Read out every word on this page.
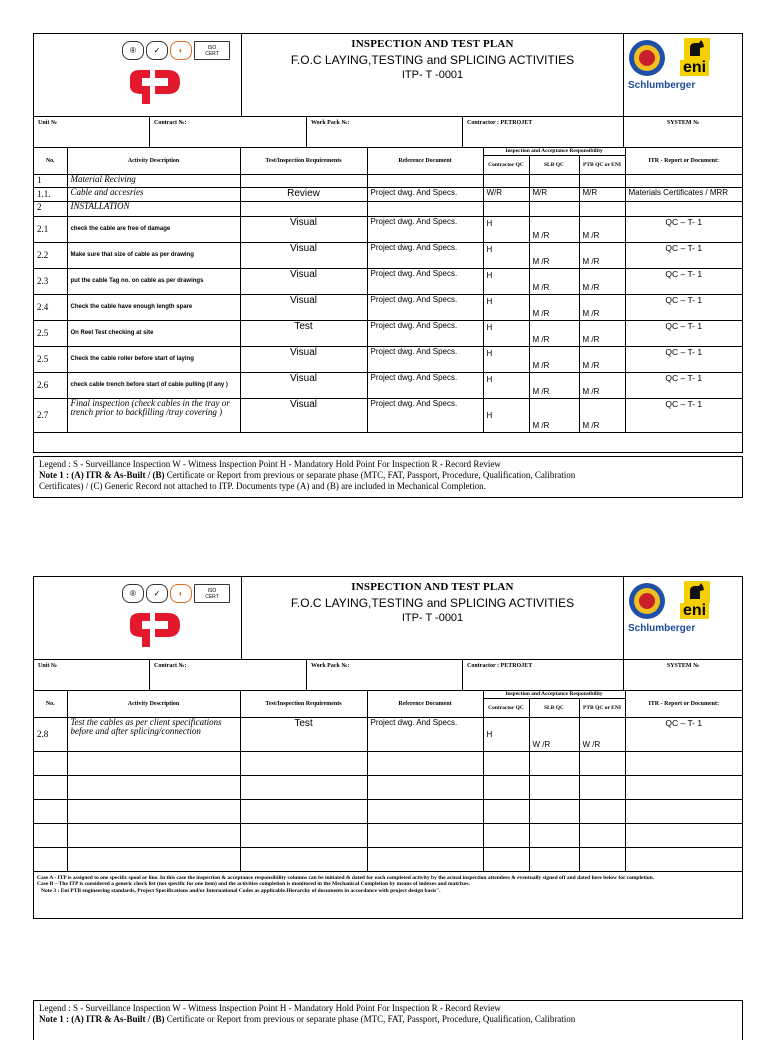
®	✓	◐	ISO
CERT
INSPECTION AND TEST PLAN
F.O.C LAYING,TESTING and SPLICING ACTIVITIES
ITP- T -0001	eni
Schlumberger
Unit №	Contract №:	Work Pack №:	Contractor : PETROJET	SYSTEM №
No.	Activity Description	Test/Inspection Requirements	Reference Document	Inspection and Acceptance Responsibility			ITR - Report or Document:
				Contractor QC	SLB QC	PTB QC or ENI	
1	Material Reciving						
1.1.	Cable and accesries	Review	Project dwg. And Specs.	W/R	M/R	M/R	Materials Certificates / MRR
2	INSTALLATION						
2.1	check the cable are free of damage	Visual	Project dwg. And Specs.	H	M /R	M /R	QC – T- 1
2.2	Make sure that size of cable as per drawing	Visual	Project dwg. And Specs.	H	M /R	M /R	QC – T- 1
2.3	put the cable Tag no. on cable as per drawings	Visual	Project dwg. And Specs.	H	M /R	M /R	QC – T- 1
2.4	Check the cable have enough length spare	Visual	Project dwg. And Specs.	H	M /R	M /R	QC – T- 1
2.5	On Reel Test checking at site	Test	Project dwg. And Specs.	H	M /R	M /R	QC – T- 1
2.5	Check the cable roller before start of laying	Visual	Project dwg. And Specs.	H	M /R	M /R	QC – T- 1
2.6	check cable trench before start of cable pulling (if any )	Visual	Project dwg. And Specs.	H	M /R	M /R	QC – T- 1
2.7	Final inspection (check cables in the tray or trench prior to backfilling /tray covering )	Visual	Project dwg. And Specs.	H	M /R	M /R	QC – T- 1
Legend : S - Surveillance Inspection W - Witness Inspection Point H - Mandatory Hold Point For Inspection R - Record Review
Note 1 : (A) ITR & As-Built / (B) Certificate or Report from previous or separate phase (MTC, FAT, Passport, Procedure, Qualification, Calibration
Certificates) / (C) Generic Record not attached to ITP. Documents type (A) and (B) are included in Mechanical Completion.
®	✓	◐	ISO
CERT
INSPECTION AND TEST PLAN
F.O.C LAYING,TESTING and SPLICING ACTIVITIES
ITP- T -0001	eni
Schlumberger
Unit №	Contract №:	Work Pack №:	Contractor : PETROJET	SYSTEM №
No.	Activity Description	Test/Inspection Requirements	Reference Document	Inspection and Acceptance Responsibility			ITR - Report or Document:
				Contractor QC	SLB QC	PTB QC or ENI	
2.8	Test the cables as per client specifications before and after splicing/connection	Test	Project dwg. And Specs.	H	W /R	W /R	QC – T- 1

Case A - ITP is assigned to one specific spool or line. In this case the inspection & acceptance responsibility columns can be initiated & dated for each completed activity by the actual inspection attendees & eventually signed off and dated here below for completion.
Case B – The ITP is considered a generic check list (not specific for one item) and the activities completion is monitored in the Mechanical Completion by means of indexes and matrixes.
Note 3 : Eni PTB engineering standards, Project Specifications and/or International Codes as applicable.Hierarchy of documents in accordance with project design basis".
Legend : S - Surveillance Inspection W - Witness Inspection Point H - Mandatory Hold Point For Inspection R - Record Review
Note 1 : (A) ITR & As-Built / (B) Certificate or Report from previous or separate phase (MTC, FAT, Passport, Procedure, Qualification, Calibration
